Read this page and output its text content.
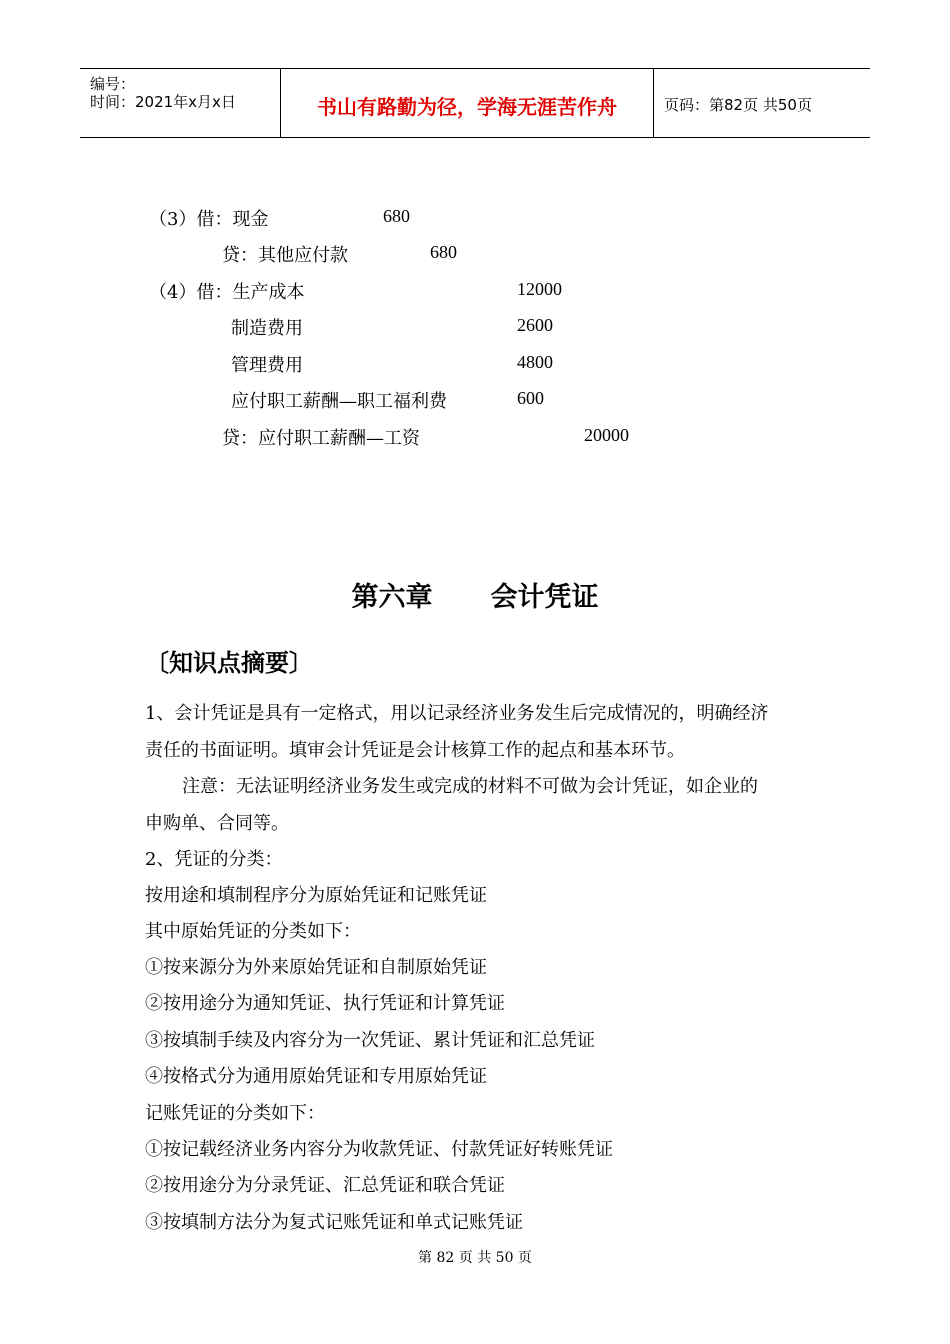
编号：
时间：2021年x月x日	书山有路勤为径，学海无涯苦作舟	页码：第82页 共50页
（3）借：现金	680
贷：其他应付款	680
（4）借：生产成本	12000
制造费用	2600
管理费用	4800
应付职工薪酬—职工福利费	600
贷：应付职工薪酬—工资	20000
第六章 会计凭证
〔知识点摘要〕
1、会计凭证是具有一定格式，用以记录经济业务发生后完成情况的，明确经济
责任的书面证明。填审会计凭证是会计核算工作的起点和基本环节。
注意：无法证明经济业务发生或完成的材料不可做为会计凭证，如企业的
申购单、合同等。
2、凭证的分类：
按用途和填制程序分为原始凭证和记账凭证
其中原始凭证的分类如下：
①按来源分为外来原始凭证和自制原始凭证
②按用途分为通知凭证、执行凭证和计算凭证
③按填制手续及内容分为一次凭证、累计凭证和汇总凭证
④按格式分为通用原始凭证和专用原始凭证
记账凭证的分类如下：
①按记载经济业务内容分为收款凭证、付款凭证好转账凭证
②按用途分为分录凭证、汇总凭证和联合凭证
③按填制方法分为复式记账凭证和单式记账凭证
第 82 页 共 50 页
